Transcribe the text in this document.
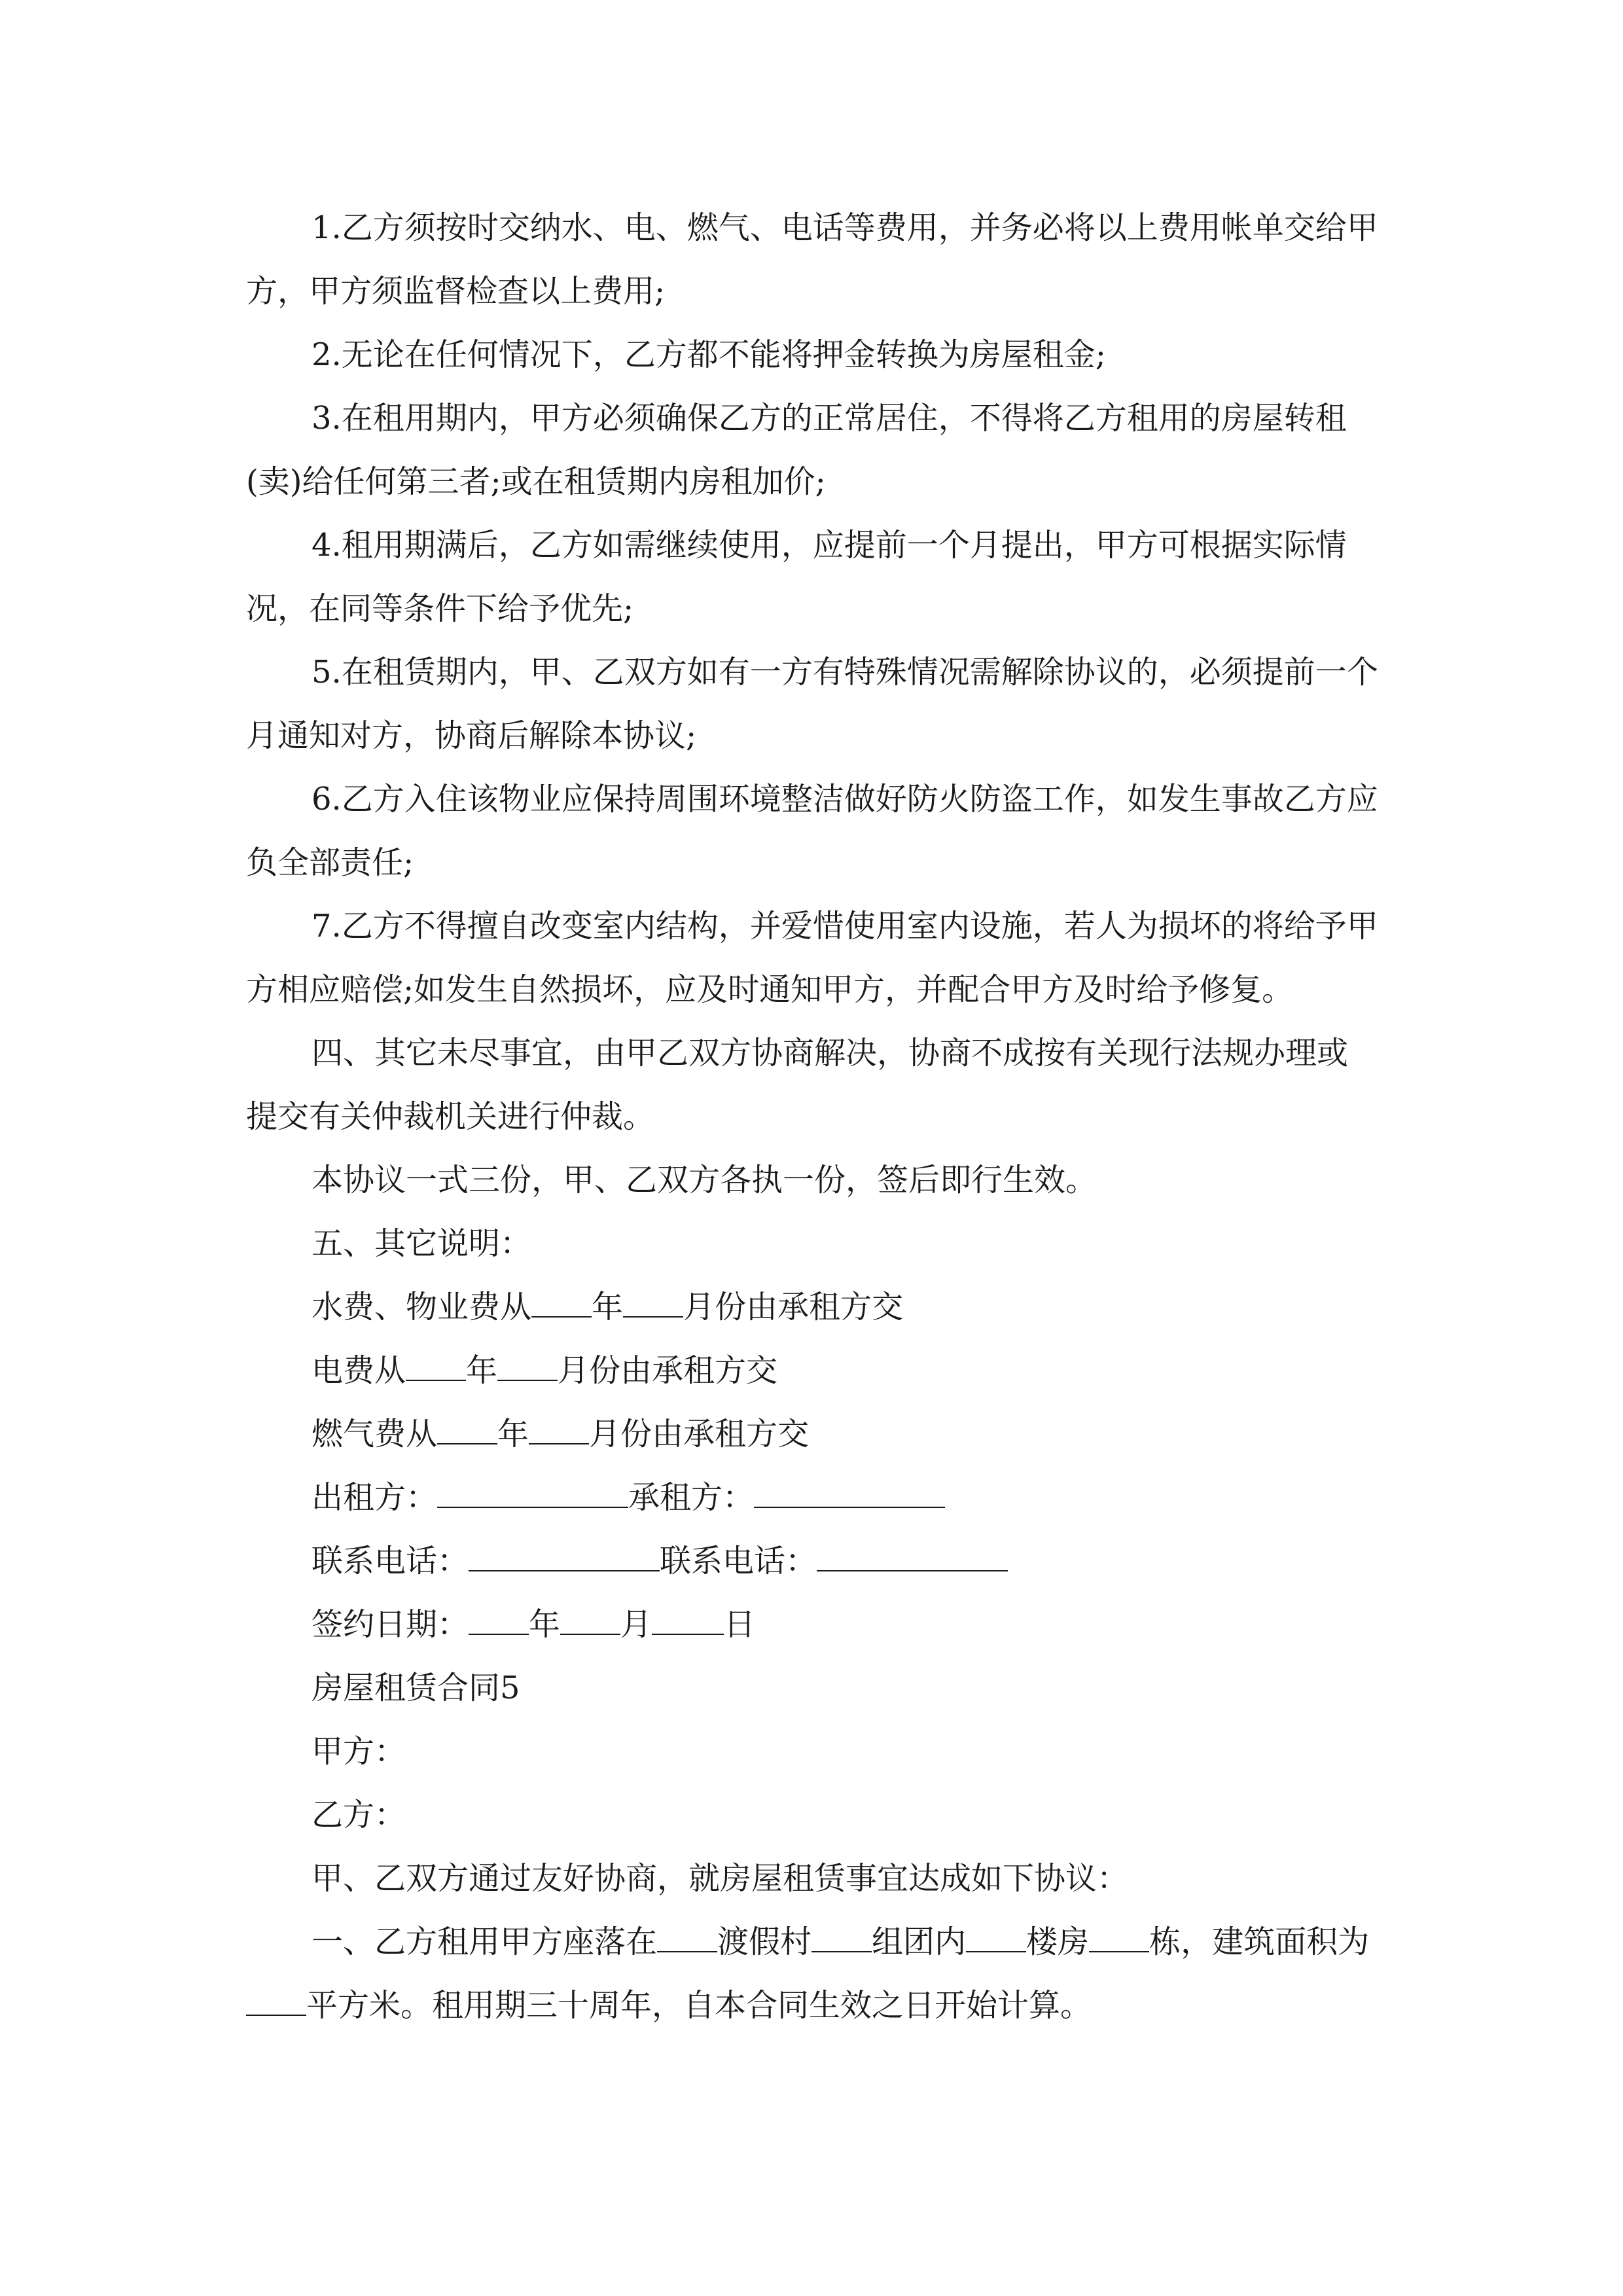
1.乙方须按时交纳水、电、燃气、电话等费用，并务必将以上费用帐单交给甲方，甲方须监督检查以上费用;

2.无论在任何情况下，乙方都不能将押金转换为房屋租金;

3.在租用期内，甲方必须确保乙方的正常居住，不得将乙方租用的房屋转租(卖)给任何第三者;或在租赁期内房租加价;

4.租用期满后，乙方如需继续使用，应提前一个月提出，甲方可根据实际情况，在同等条件下给予优先;

5.在租赁期内，甲、乙双方如有一方有特殊情况需解除协议的，必须提前一个月通知对方，协商后解除本协议;

6.乙方入住该物业应保持周围环境整洁做好防火防盗工作，如发生事故乙方应负全部责任;

7.乙方不得擅自改变室内结构，并爱惜使用室内设施，若人为损坏的将给予甲方相应赔偿;如发生自然损坏，应及时通知甲方，并配合甲方及时给予修复。

四、其它未尽事宜，由甲乙双方协商解决，协商不成按有关现行法规办理或提交有关仲裁机关进行仲裁。

本协议一式三份，甲、乙双方各执一份，签后即行生效。

五、其它说明：

水费、物业费从 年 月份由承租方交

电费从 年 月份由承租方交

燃气费从 年 月份由承租方交

出租方：	承租方：

联系电话：	联系电话：

签约日期： 年 月 日

房屋租赁合同5

甲方：

乙方：

甲、乙双方通过友好协商，就房屋租赁事宜达成如下协议：

一、乙方租用甲方座落在 渡假村 组团内 楼房 栋，建筑面积为平方米。租用期三十周年，自本合同生效之日开始计算。
